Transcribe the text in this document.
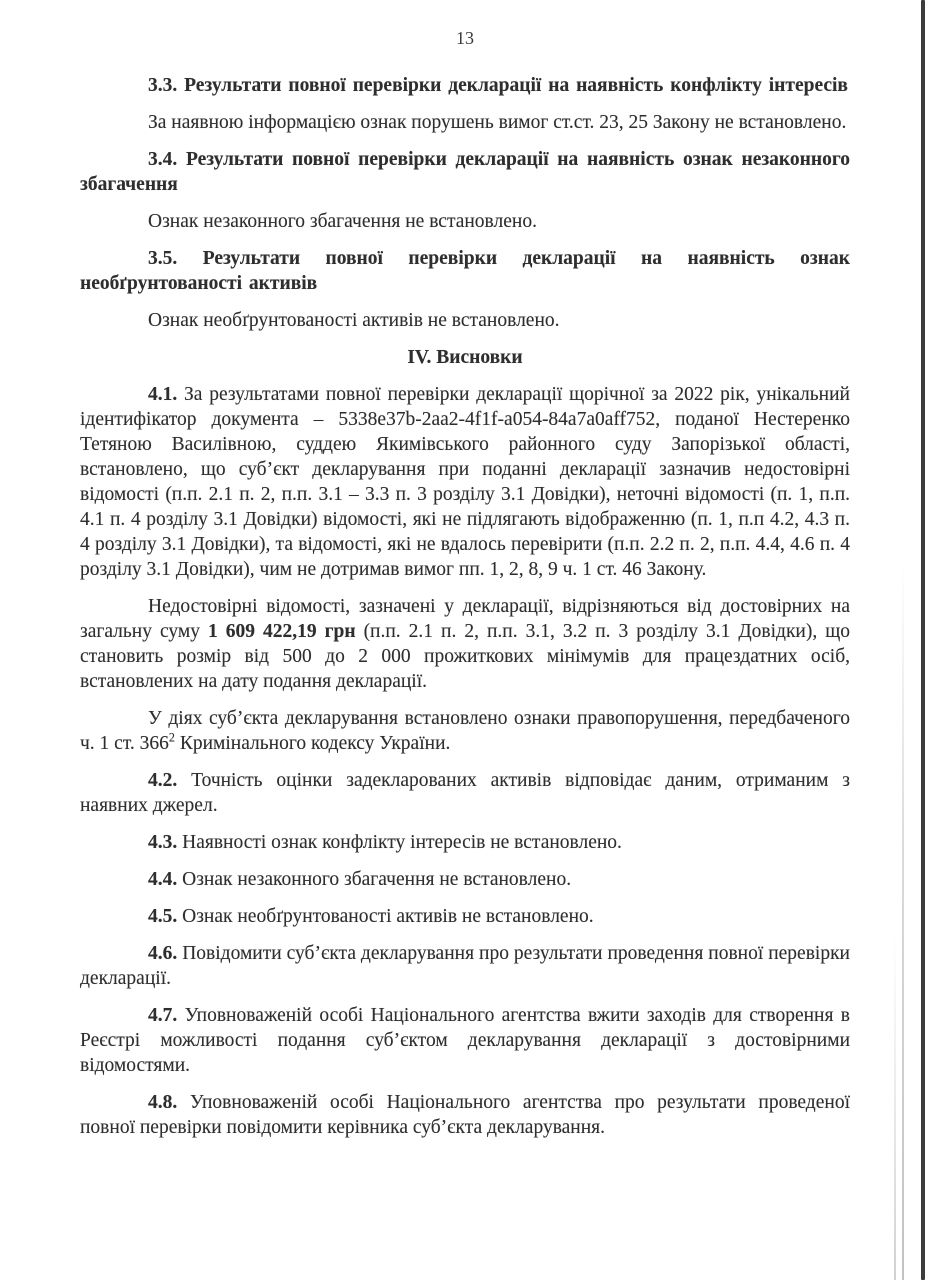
13

3.3. Результати повної перевірки декларації на наявність конфлікту інтересів

За наявною інформацією ознак порушень вимог ст.ст. 23, 25 Закону не встановлено.

3.4. Результати повної перевірки декларації на наявність ознак незаконного збагачення

Ознак незаконного збагачення не встановлено.

3.5. Результати повної перевірки декларації на наявність ознак необґрунтованості активів

Ознак необґрунтованості активів не встановлено.

IV. Висновки

4.1. За результатами повної перевірки декларації щорічної за 2022 рік, унікальний ідентифікатор документа – 5338e37b-2aa2-4f1f-a054-84a7a0aff752, поданої Нестеренко Тетяною Василівною, суддею Якимівського районного суду Запорізької області, встановлено, що суб’єкт декларування при поданні декларації зазначив недостовірні відомості (п.п. 2.1 п. 2, п.п. 3.1 – 3.3 п. 3 розділу 3.1 Довідки), неточні відомості (п. 1, п.п. 4.1 п. 4 розділу 3.1 Довідки) відомості, які не підлягають відображенню (п. 1, п.п 4.2, 4.3 п. 4 розділу 3.1 Довідки), та відомості, які не вдалось перевірити (п.п. 2.2 п. 2, п.п. 4.4, 4.6 п. 4 розділу 3.1 Довідки), чим не дотримав вимог пп. 1, 2, 8, 9 ч. 1 ст. 46 Закону.

Недостовірні відомості, зазначені у декларації, відрізняються від достовірних на загальну суму 1 609 422,19 грн (п.п. 2.1 п. 2, п.п. 3.1, 3.2 п. 3 розділу 3.1 Довідки), що становить розмір від 500 до 2 000 прожиткових мінімумів для працездатних осіб, встановлених на дату подання декларації.

У діях суб’єкта декларування встановлено ознаки правопорушення, передбаченого ч. 1 ст. $366^2$ Кримінального кодексу України.

4.2. Точність оцінки задекларованих активів відповідає даним, отриманим з наявних джерел.

4.3. Наявності ознак конфлікту інтересів не встановлено.

4.4. Ознак незаконного збагачення не встановлено.

4.5. Ознак необґрунтованості активів не встановлено.

4.6. Повідомити суб’єкта декларування про результати проведення повної перевірки декларації.

4.7. Уповноваженій особі Національного агентства вжити заходів для створення в Реєстрі можливості подання суб’єктом декларування декларації з достовірними відомостями.

4.8. Уповноваженій особі Національного агентства про результати проведеної повної перевірки повідомити керівника суб’єкта декларування.
